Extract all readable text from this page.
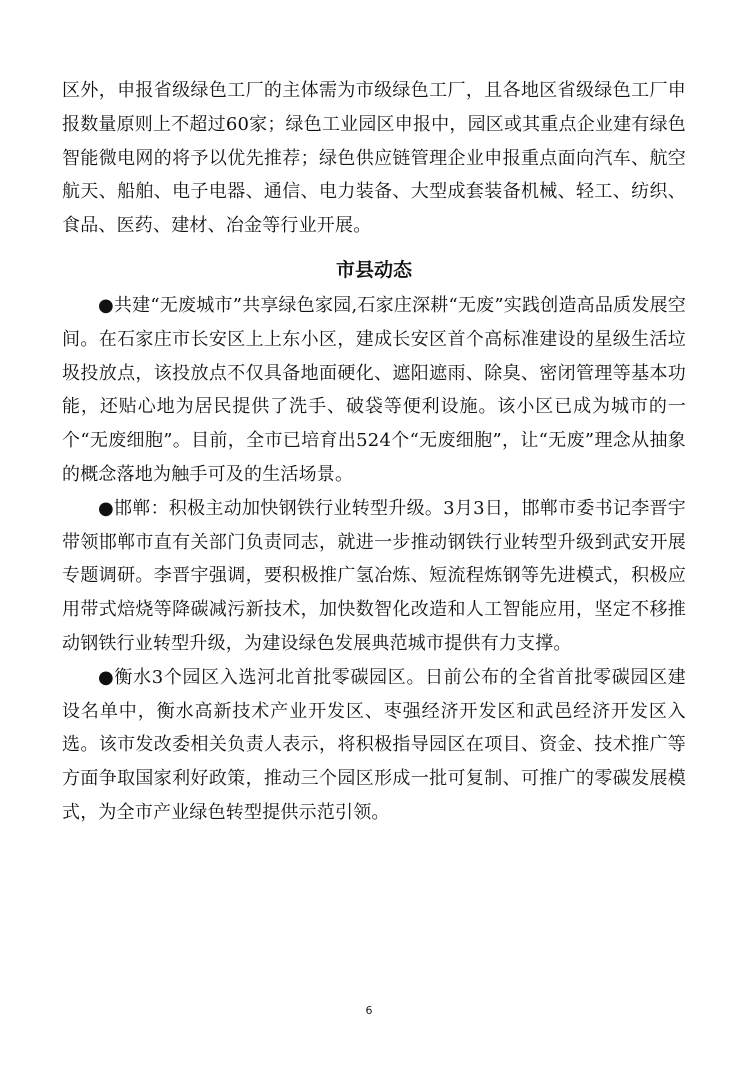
区外，申报省级绿色工厂的主体需为市级绿色工厂，且各地区省级绿色工厂申报数量原则上不超过60家；绿色工业园区申报中，园区或其重点企业建有绿色智能微电网的将予以优先推荐；绿色供应链管理企业申报重点面向汽车、航空航天、船舶、电子电器、通信、电力装备、大型成套装备机械、轻工、纺织、食品、医药、建材、冶金等行业开展。

市县动态

●共建“无废城市”共享绿色家园,石家庄深耕“无废”实践创造高品质发展空间。在石家庄市长安区上上东小区，建成长安区首个高标准建设的星级生活垃圾投放点，该投放点不仅具备地面硬化、遮阳遮雨、除臭、密闭管理等基本功能，还贴心地为居民提供了洗手、破袋等便利设施。该小区已成为城市的一个“无废细胞”。目前，全市已培育出524个“无废细胞”，让“无废”理念从抽象的概念落地为触手可及的生活场景。

●邯郸：积极主动加快钢铁行业转型升级。3月3日，邯郸市委书记李晋宇带领邯郸市直有关部门负责同志，就进一步推动钢铁行业转型升级到武安开展专题调研。李晋宇强调，要积极推广氢冶炼、短流程炼钢等先进模式，积极应用带式焙烧等降碳减污新技术，加快数智化改造和人工智能应用，坚定不移推动钢铁行业转型升级，为建设绿色发展典范城市提供有力支撑。

●衡水3个园区入选河北首批零碳园区。日前公布的全省首批零碳园区建设名单中，衡水高新技术产业开发区、枣强经济开发区和武邑经济开发区入选。该市发改委相关负责人表示，将积极指导园区在项目、资金、技术推广等方面争取国家利好政策，推动三个园区形成一批可复制、可推广的零碳发展模式，为全市产业绿色转型提供示范引领。

6
